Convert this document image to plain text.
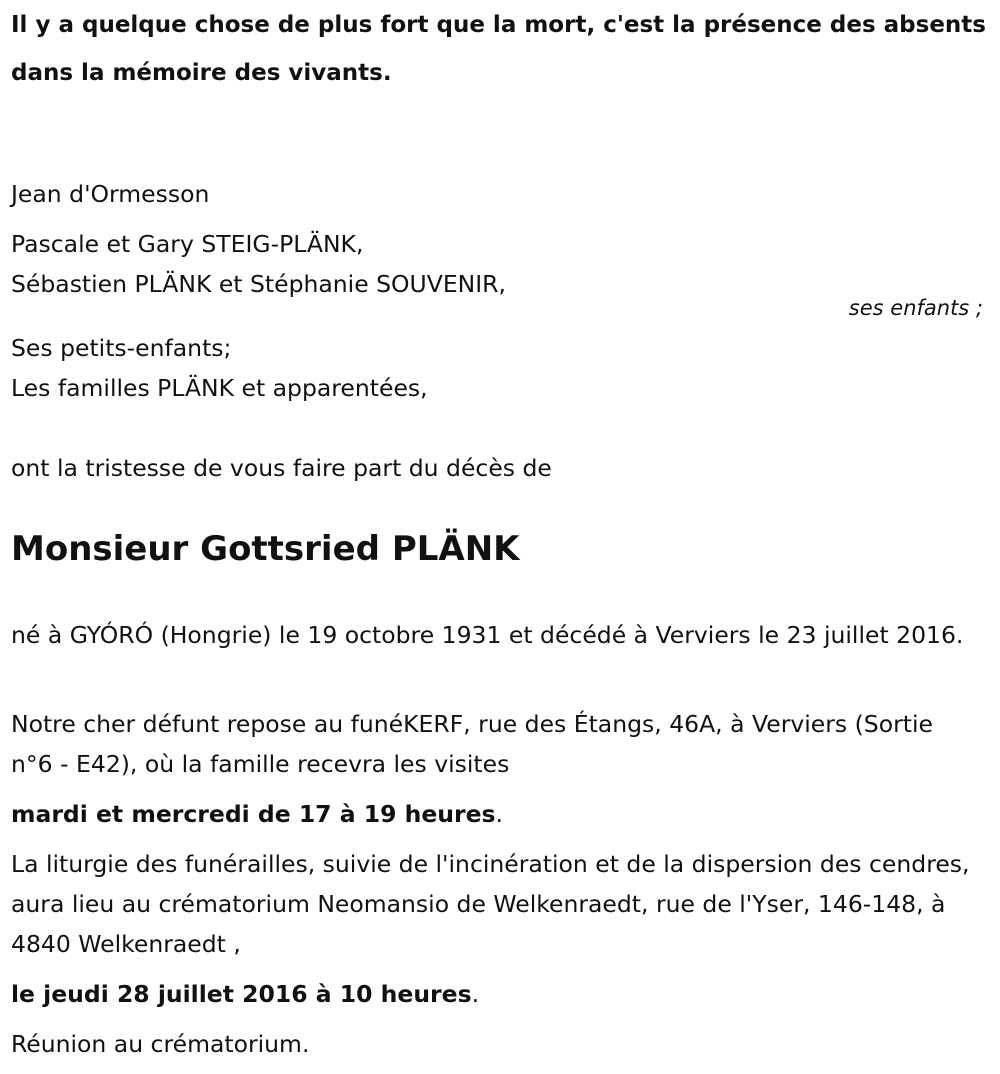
Il y a quelque chose de plus fort que la mort, c'est la présence des absents

dans la mémoire des vivants.

Jean d'Ormesson

Pascale et Gary STEIG-PLÄNK,

Sébastien PLÄNK et Stéphanie SOUVENIR,

ses enfants ;

Ses petits-enfants;

Les familles PLÄNK et apparentées,

ont la tristesse de vous faire part du décès de

Monsieur Gottsried PLÄNK

né à GYÓRÓ (Hongrie) le 19 octobre 1931 et décédé à Verviers le 23 juillet 2016.

Notre cher défunt repose au funéKERF, rue des Étangs, 46A, à Verviers (Sortie n°6 - E42), où la famille recevra les visites

mardi et mercredi de 17 à 19 heures.

La liturgie des funérailles, suivie de l'incinération et de la dispersion des cendres, aura lieu au crématorium Neomansio de Welkenraedt, rue de l'Yser, 146-148, à 4840 Welkenraedt ,

le jeudi 28 juillet 2016 à 10 heures.

Réunion au crématorium.
